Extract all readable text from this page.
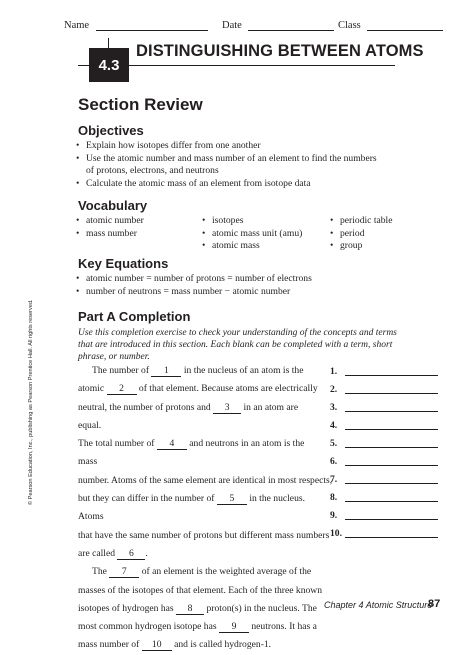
Name	Date	Class
4.3
DISTINGUISHING BETWEEN ATOMS
Section Review
Objectives
• Explain how isotopes differ from one another
• Use the atomic number and mass number of an element to find the numbers
of protons, electrons, and neutrons
• Calculate the atomic mass of an element from isotope data
Vocabulary
• atomic number
• mass number
• isotopes
• atomic mass unit (amu)
• atomic mass
• periodic table
• period
• group
Key Equations
• atomic number = number of protons = number of electrons
• number of neutrons = mass number − atomic number
Part A Completion
Use this completion exercise to check your understanding of the concepts and terms that are introduced in this section. Each blank can be completed with a term, short phrase, or number.
The number of 1 in the nucleus of an atom is the
atomic 2 of that element. Because atoms are electrically
neutral, the number of protons and 3 in an atom are equal.
The total number of 4 and neutrons in an atom is the mass
number. Atoms of the same element are identical in most respects,
but they can differ in the number of 5 in the nucleus. Atoms
that have the same number of protons but different mass numbers
are called 6 .
The 7 of an element is the weighted average of the
masses of the isotopes of that element. Each of the three known
isotopes of hydrogen has 8 proton(s) in the nucleus. The
most common hydrogen isotope has 9 neutrons. It has a
mass number of 10 and is called hydrogen-1.
1.
2.
3.
4.
5.
6.
7.
8.
9.
10.
© Pearson Education, Inc., publishing as Pearson Prentice Hall. All rights reserved.
Chapter 4 Atomic Structure
87
